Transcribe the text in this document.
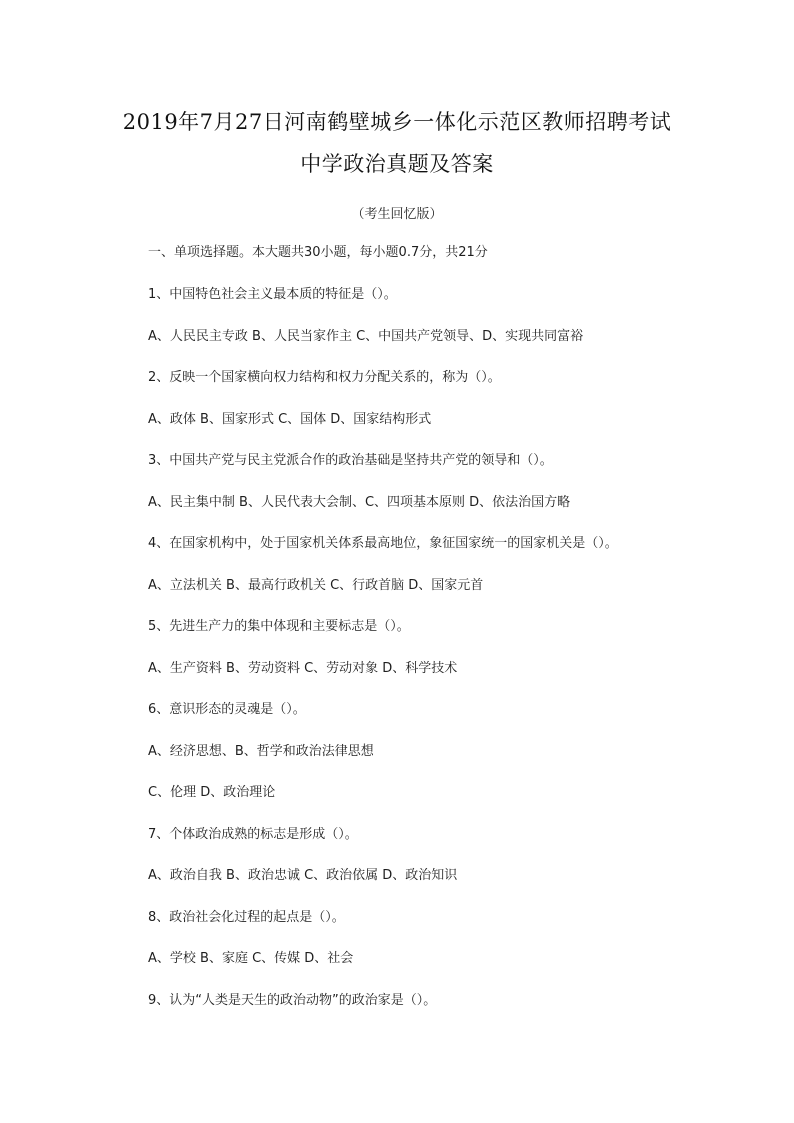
2019年7月27日河南鹤壁城乡一体化示范区教师招聘考试
中学政治真题及答案
（考生回忆版）
一、单项选择题。本大题共30小题，每小题0.7分，共21分
1、中国特色社会主义最本质的特征是（）。
A、人民民主专政 B、人民当家作主 C、中国共产党领导、D、实现共同富裕
2、反映一个国家横向权力结构和权力分配关系的，称为（）。
A、政体 B、国家形式 C、国体 D、国家结构形式
3、中国共产党与民主党派合作的政治基础是坚持共产党的领导和（）。
A、民主集中制 B、人民代表大会制、C、四项基本原则 D、依法治国方略
4、在国家机构中，处于国家机关体系最高地位，象征国家统一的国家机关是（）。
A、立法机关 B、最高行政机关 C、行政首脑 D、国家元首
5、先进生产力的集中体现和主要标志是（）。
A、生产资料 B、劳动资料 C、劳动对象 D、科学技术
6、意识形态的灵魂是（）。
A、经济思想、B、哲学和政治法律思想
C、伦理 D、政治理论
7、个体政治成熟的标志是形成（）。
A、政治自我 B、政治忠诚 C、政治依属 D、政治知识
8、政治社会化过程的起点是（）。
A、学校 B、家庭 C、传媒 D、社会
9、认为“人类是天生的政治动物”的政治家是（）。
